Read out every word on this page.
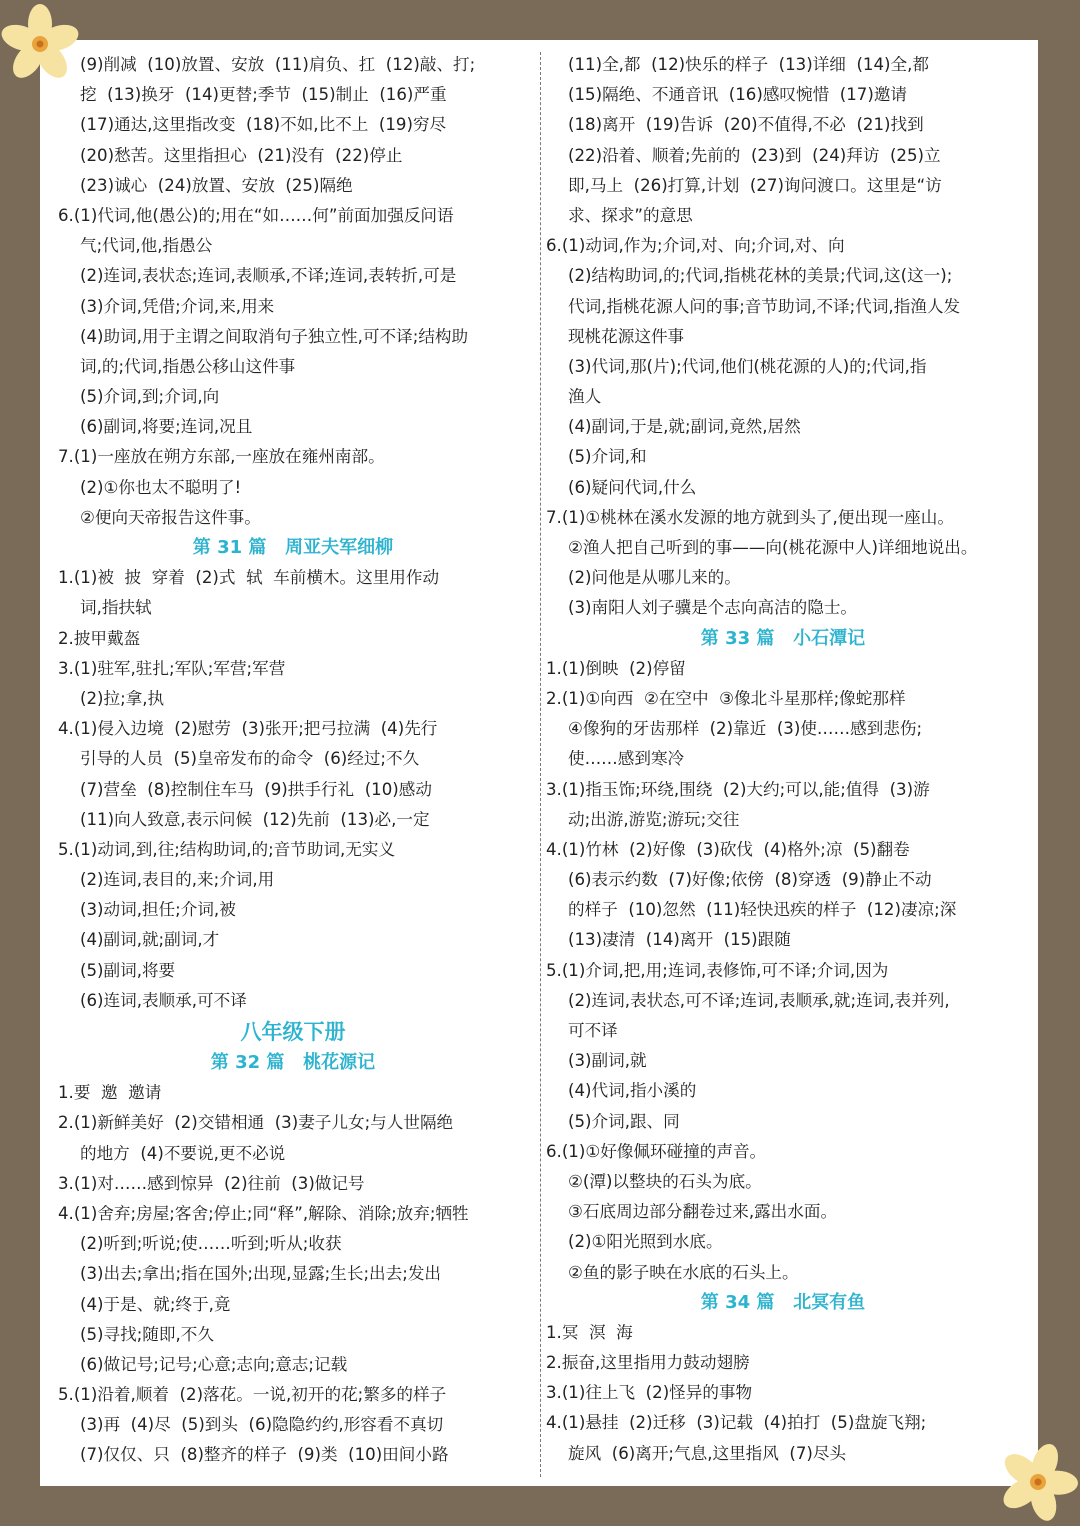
(9)削减  (10)放置、安放  (11)肩负、扛  (12)敲、打;
挖  (13)换牙  (14)更替;季节  (15)制止  (16)严重
(17)通达,这里指改变  (18)不如,比不上  (19)穷尽
(20)愁苦。这里指担心  (21)没有  (22)停止
(23)诚心  (24)放置、安放  (25)隔绝
6.(1)代词,他(愚公)的;用在“如……何”前面加强反问语
气;代词,他,指愚公
(2)连词,表状态;连词,表顺承,不译;连词,表转折,可是
(3)介词,凭借;介词,来,用来
(4)助词,用于主谓之间取消句子独立性,可不译;结构助
词,的;代词,指愚公移山这件事
(5)介词,到;介词,向
(6)副词,将要;连词,况且
7.(1)一座放在朔方东部,一座放在雍州南部。
(2)①你也太不聪明了!
②便向天帝报告这件事。
第 31 篇   周亚夫军细柳
1.(1)被  披  穿着  (2)式  轼  车前横木。这里用作动
词,指扶轼
2.披甲戴盔
3.(1)驻军,驻扎;军队;军营;军营
(2)拉;拿,执
4.(1)侵入边境  (2)慰劳  (3)张开;把弓拉满  (4)先行
引导的人员  (5)皇帝发布的命令  (6)经过;不久
(7)营垒  (8)控制住车马  (9)拱手行礼  (10)感动
(11)向人致意,表示问候  (12)先前  (13)必,一定
5.(1)动词,到,往;结构助词,的;音节助词,无实义
(2)连词,表目的,来;介词,用
(3)动词,担任;介词,被
(4)副词,就;副词,才
(5)副词,将要
(6)连词,表顺承,可不译
八年级下册
第 32 篇   桃花源记
1.要  邀  邀请
2.(1)新鲜美好  (2)交错相通  (3)妻子儿女;与人世隔绝
的地方  (4)不要说,更不必说
3.(1)对……感到惊异  (2)往前  (3)做记号
4.(1)舍弃;房屋;客舍;停止;同“释”,解除、消除;放弃;牺牲
(2)听到;听说;使……听到;听从;收获
(3)出去;拿出;指在国外;出现,显露;生长;出去;发出
(4)于是、就;终于,竟
(5)寻找;随即,不久
(6)做记号;记号;心意;志向;意志;记载
5.(1)沿着,顺着  (2)落花。一说,初开的花;繁多的样子
(3)再  (4)尽  (5)到头  (6)隐隐约约,形容看不真切
(7)仅仅、只  (8)整齐的样子  (9)类  (10)田间小路
(11)全,都  (12)快乐的样子  (13)详细  (14)全,都
(15)隔绝、不通音讯  (16)感叹惋惜  (17)邀请
(18)离开  (19)告诉  (20)不值得,不必  (21)找到
(22)沿着、顺着;先前的  (23)到  (24)拜访  (25)立
即,马上  (26)打算,计划  (27)询问渡口。这里是“访
求、探求”的意思
6.(1)动词,作为;介词,对、向;介词,对、向
(2)结构助词,的;代词,指桃花林的美景;代词,这(这一);
代词,指桃花源人问的事;音节助词,不译;代词,指渔人发
现桃花源这件事
(3)代词,那(片);代词,他们(桃花源的人)的;代词,指
渔人
(4)副词,于是,就;副词,竟然,居然
(5)介词,和
(6)疑问代词,什么
7.(1)①桃林在溪水发源的地方就到头了,便出现一座山。
②渔人把自己听到的事——向(桃花源中人)详细地说出。
(2)问他是从哪儿来的。
(3)南阳人刘子骥是个志向高洁的隐士。
第 33 篇   小石潭记
1.(1)倒映  (2)停留
2.(1)①向西  ②在空中  ③像北斗星那样;像蛇那样
④像狗的牙齿那样  (2)靠近  (3)使……感到悲伤;
使……感到寒冷
3.(1)指玉饰;环绕,围绕  (2)大约;可以,能;值得  (3)游
动;出游,游览;游玩;交往
4.(1)竹林  (2)好像  (3)砍伐  (4)格外;凉  (5)翻卷
(6)表示约数  (7)好像;依傍  (8)穿透  (9)静止不动
的样子  (10)忽然  (11)轻快迅疾的样子  (12)凄凉;深
(13)凄清  (14)离开  (15)跟随
5.(1)介词,把,用;连词,表修饰,可不译;介词,因为
(2)连词,表状态,可不译;连词,表顺承,就;连词,表并列,
可不译
(3)副词,就
(4)代词,指小溪的
(5)介词,跟、同
6.(1)①好像佩环碰撞的声音。
②(潭)以整块的石头为底。
③石底周边部分翻卷过来,露出水面。
(2)①阳光照到水底。
②鱼的影子映在水底的石头上。
第 34 篇   北冥有鱼
1.冥  溟  海
2.振奋,这里指用力鼓动翅膀
3.(1)往上飞  (2)怪异的事物
4.(1)悬挂  (2)迁移  (3)记载  (4)拍打  (5)盘旋飞翔;
旋风  (6)离开;气息,这里指风  (7)尽头
